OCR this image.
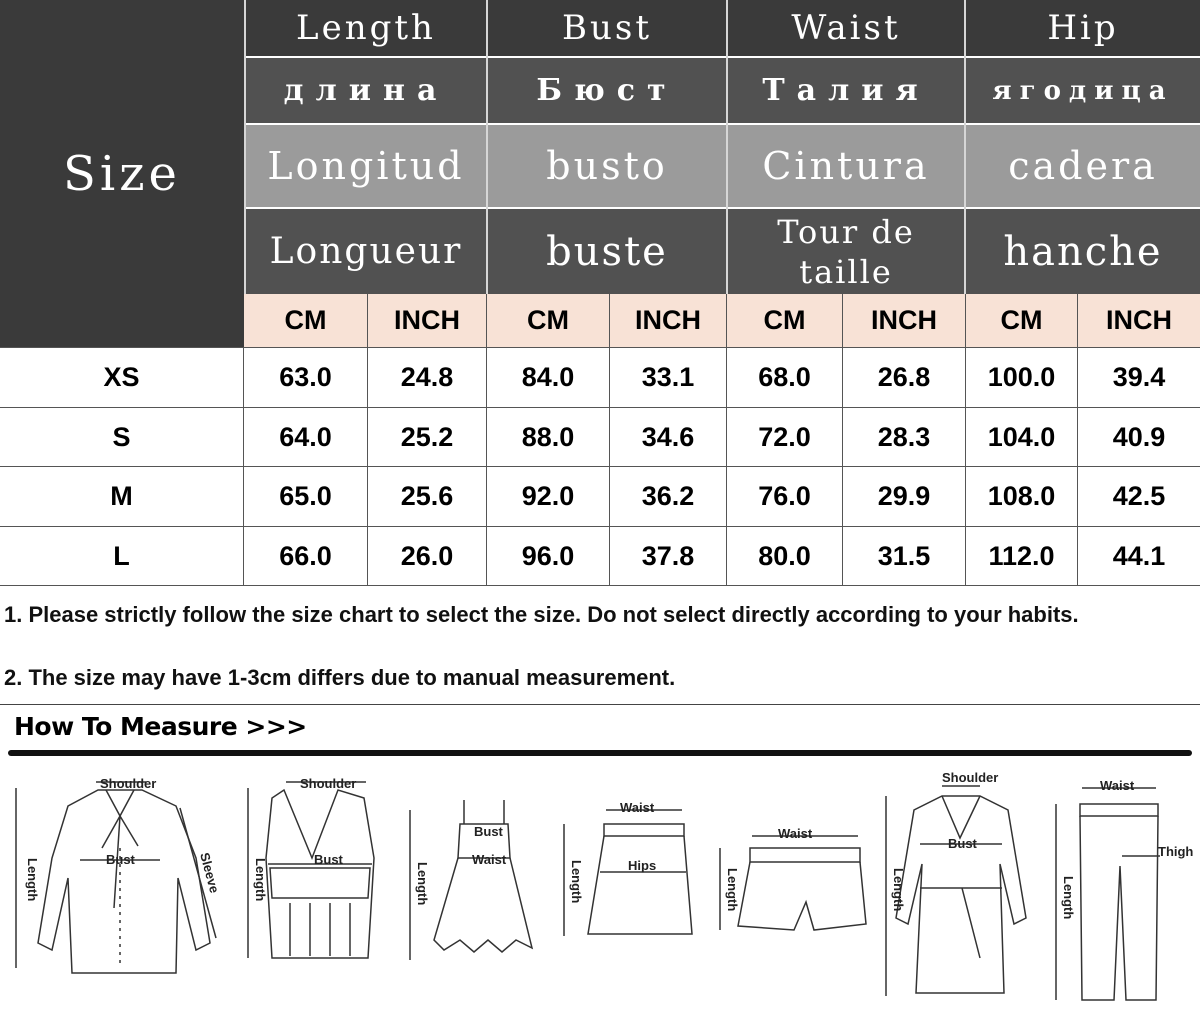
Size
Length	Bust	Waist	Hip
длина	Бюст	Талия	ягодица
Longitud	busto	Cintura	cadera
Longueur	buste	Tour de taille	hanche
CM	INCH	CM	INCH	CM	INCH	CM	INCH
XS	63.0	24.8	84.0	33.1	68.0	26.8	100.0	39.4
S	64.0	25.2	88.0	34.6	72.0	28.3	104.0	40.9
M	65.0	25.6	92.0	36.2	76.0	29.9	108.0	42.5
L	66.0	26.0	96.0	37.8	80.0	31.5	112.0	44.1
1. Please strictly follow the size chart to select the size. Do not select directly according to your habits.
2. The size may have 1-3cm differs due to manual measurement.
How To Measure >>>
Shoulder
Bust	Sleeve
Length
Shoulder
Bust
Length
Bust
Waist
Length
Waist
Hips
Length
Waist
Length
Shoulder
Bust
Length
Waist
Thigh
Length
